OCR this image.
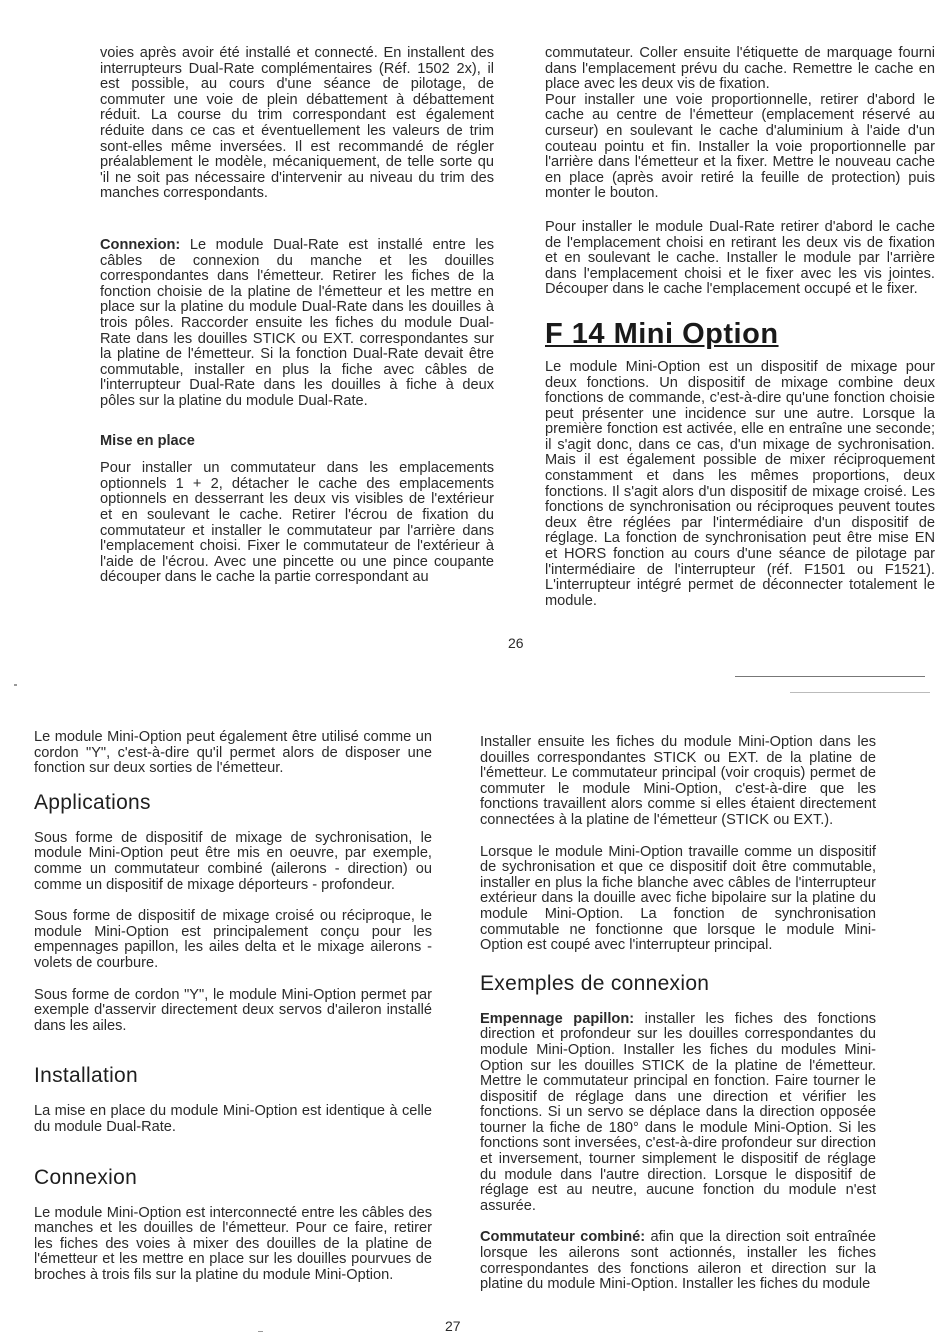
voies après avoir été installé et connecté. En installent des interrupteurs Dual-Rate complémentaires (Réf. 1502 2x), il est possible, au cours d'une séance de pilotage, de commuter une voie de plein débattement à débattement réduit. La course du trim correspondant est également réduite dans ce cas et éventuellement les valeurs de trim sont-elles même inversées. Il est recommandé de régler préalablement le modèle, mécaniquement, de telle sorte qu 'il ne soit pas nécessaire d'intervenir au niveau du trim des manches correspondants.

Connexion: Le module Dual-Rate est installé entre les câbles de connexion du manche et les douilles correspondantes dans l'émetteur. Retirer les fiches de la fonction choisie de la platine de l'émetteur et les mettre en place sur la platine du module Dual-Rate dans les douilles à trois pôles. Raccorder ensuite les fiches du module Dual-Rate dans les douilles STICK ou EXT. correspondantes sur la platine de l'émetteur. Si la fonction Dual-Rate devait être commutable, installer en plus la fiche avec câbles de l'interrupteur Dual-Rate dans les douilles à fiche à deux pôles sur la platine du module Dual-Rate.

Mise en place

Pour installer un commutateur dans les emplacements optionnels 1 + 2, détacher le cache des emplacements optionnels en desserrant les deux vis visibles de l'extérieur et en soulevant le cache. Retirer l'écrou de fixation du commutateur et installer le commutateur par l'arrière dans l'emplacement choisi. Fixer le commutateur de l'extérieur à l'aide de l'écrou. Avec une pincette ou une pince coupante découper dans le cache la partie correspondant au

commutateur. Coller ensuite l'étiquette de marquage fourni dans l'emplacement prévu du cache. Remettre le cache en place avec les deux vis de fixation.

Pour installer une voie proportionnelle, retirer d'abord le cache au centre de l'émetteur (emplacement réservé au curseur) en soulevant le cache d'aluminium à l'aide d'un couteau pointu et fin. Installer la voie proportionnelle par l'arrière dans l'émetteur et la fixer. Mettre le nouveau cache en place (après avoir retiré la feuille de protection) puis monter le bouton.

Pour installer le module Dual-Rate retirer d'abord le cache de l'emplacement choisi en retirant les deux vis de fixation et en soulevant le cache. Installer le module par l'arrière dans l'emplacement choisi et le fixer avec les vis jointes. Découper dans le cache l'emplacement occupé et le fixer.

F 14 Mini Option

Le module Mini-Option est un dispositif de mixage pour deux fonctions. Un dispositif de mixage combine deux fonctions de commande, c'est-à-dire qu'une fonction choisie peut présenter une incidence sur une autre. Lorsque la première fonction est activée, elle en entraîne une seconde; il s'agit donc, dans ce cas, d'un mixage de sychronisation. Mais il est également possible de mixer réciproquement constamment et dans les mêmes proportions, deux fonctions. Il s'agit alors d'un dispositif de mixage croisé. Les fonctions de synchronisation ou réciproques peuvent toutes deux être réglées par l'intermédiaire d'un dispositif de réglage. La fonction de synchronisation peut être mise EN et HORS fonction au cours d'une séance de pilotage par l'intermédiaire de l'interrupteur (réf. F1501 ou F1521). L'interrupteur intégré permet de déconnecter totalement le module.

26

Le module Mini-Option peut également être utilisé comme un cordon "Y", c'est-à-dire qu'il permet alors de disposer une fonction sur deux sorties de l'émetteur.

Applications

Sous forme de dispositif de mixage de sychronisation, le module Mini-Option peut être mis en oeuvre, par exemple, comme un commutateur combiné (ailerons - direction) ou comme un dispositif de mixage déporteurs - profondeur.

Sous forme de dispositif de mixage croisé ou réciproque, le module Mini-Option est principalement conçu pour les empennages papillon, les ailes delta et le mixage ailerons - volets de courbure.

Sous forme de cordon "Y", le module Mini-Option permet par exemple d'asservir directement deux servos d'aileron installé dans les ailes.

Installation

La mise en place du module Mini-Option est identique à celle du module Dual-Rate.

Connexion

Le module Mini-Option est interconnecté entre les câbles des manches et les douilles de l'émetteur. Pour ce faire, retirer les fiches des voies à mixer des douilles de la platine de l'émetteur et les mettre en place sur les douilles pourvues de broches à trois fils sur la platine du module Mini-Option.

Installer ensuite les fiches du module Mini-Option dans les douilles correspondantes STICK ou EXT. de la platine de l'émetteur. Le commutateur principal (voir croquis) permet de commuter le module Mini-Option, c'est-à-dire que les fonctions travaillent alors comme si elles étaient directement connectées à la platine de l'émetteur (STICK ou EXT.).

Lorsque le module Mini-Option travaille comme un dispositif de sychronisation et que ce dispositif doit être commutable, installer en plus la fiche blanche avec câbles de l'interrupteur extérieur dans la douille avec fiche bipolaire sur la platine du module Mini-Option. La fonction de synchronisation commutable ne fonctionne que lorsque le module Mini-Option est coupé avec l'interrupteur principal.

Exemples de connexion

Empennage papillon: installer les fiches des fonctions direction et profondeur sur les douilles correspondantes du module Mini-Option. Installer les fiches du modules Mini-Option sur les douilles STICK de la platine de l'émetteur. Mettre le commutateur principal en fonction. Faire tourner le dispositif de réglage dans une direction et vérifier les fonctions. Si un servo se déplace dans la direction opposée tourner la fiche de 180° dans le module Mini-Option. Si les fonctions sont inversées, c'est-à-dire profondeur sur direction et inversement, tourner simplement le dispositif de réglage du module dans l'autre direction. Lorsque le dispositif de réglage est au neutre, aucune fonction du module n'est assurée.

Commutateur combiné: afin que la direction soit entraînée lorsque les ailerons sont actionnés, installer les fiches correspondantes des fonctions aileron et direction sur la platine du module Mini-Option. Installer les fiches du module

27
